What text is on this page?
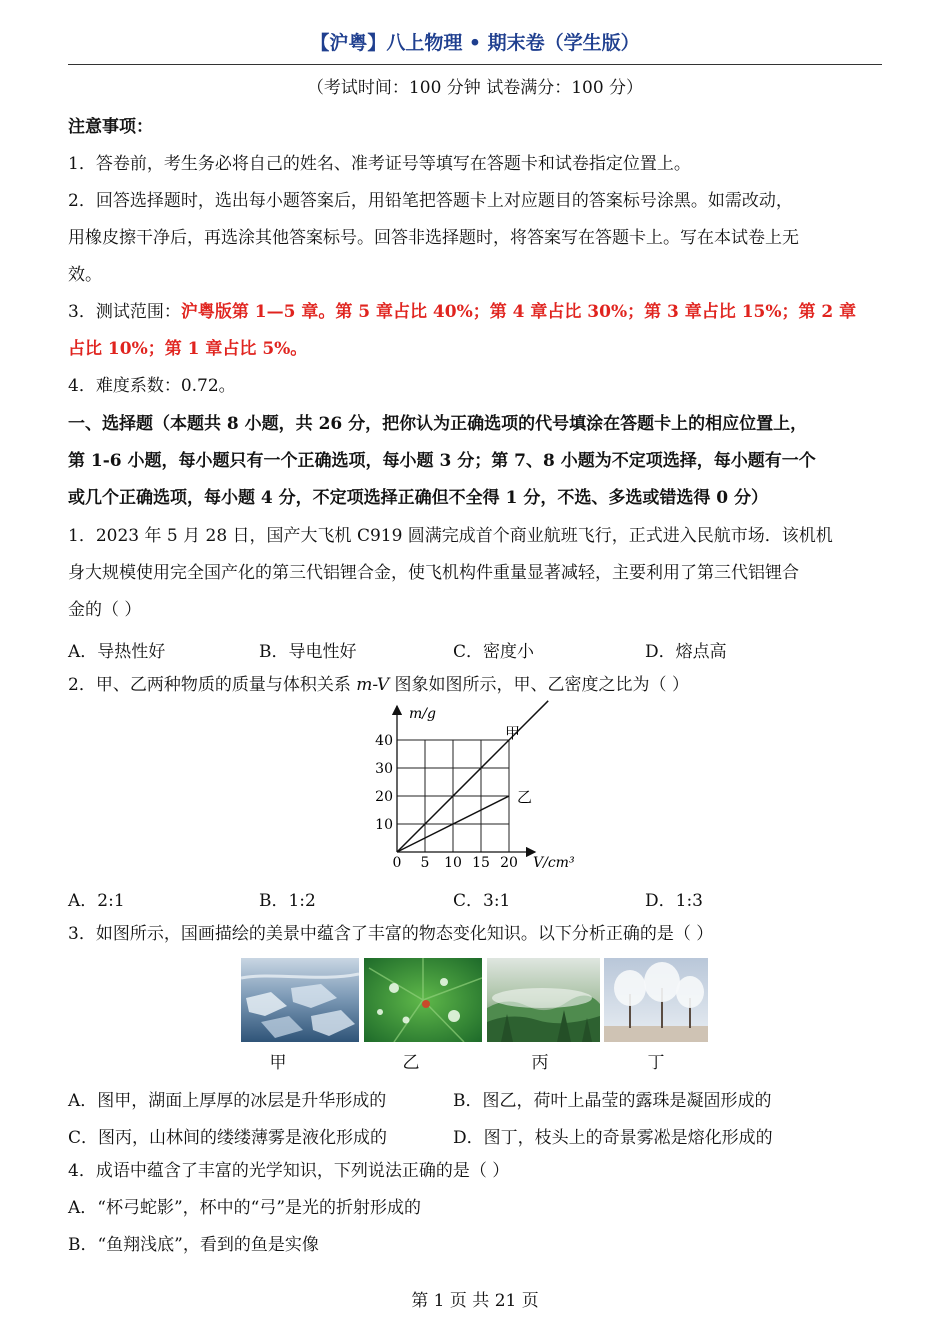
【沪粤】八上物理 • 期末卷（学生版）
（考试时间：100 分钟 试卷满分：100 分）
注意事项：
1．答卷前，考生务必将自己的姓名、准考证号等填写在答题卡和试卷指定位置上。
2．回答选择题时，选出每小题答案后，用铅笔把答题卡上对应题目的答案标号涂黑。如需改动，
用橡皮擦干净后，再选涂其他答案标号。回答非选择题时，将答案写在答题卡上。写在本试卷上无
效。
3．测试范围：沪粤版第 1—5 章。第 5 章占比 40%；第 4 章占比 30%；第 3 章占比 15%；第 2 章
占比 10%；第 1 章占比 5%。
4．难度系数：0.72。
一、选择题（本题共 8 小题，共 26 分，把你认为正确选项的代号填涂在答题卡上的相应位置上，
第 1-6 小题，每小题只有一个正确选项，每小题 3 分；第 7、8 小题为不定项选择，每小题有一个
或几个正确选项，每小题 4 分，不定项选择正确但不全得 1 分，不选、多选或错选得 0 分）
1．2023 年 5 月 28 日，国产大飞机 C919 圆满完成首个商业航班飞行，正式进入民航市场．该机机
身大规模使用完全国产化的第三代铝锂合金，使飞机构件重量显著减轻，主要利用了第三代铝锂合
金的（ ）
A．导热性好	B．导电性好	C．密度小	D．熔点高
2．甲、乙两种物质的质量与体积关系 m-V 图象如图所示，甲、乙密度之比为（ ）
甲
乙
0 5 10 15 20
10
20
30
40
m/g
V/cm³
A．2:1	B．1:2	C．3:1	D．1:3
3．如图所示，国画描绘的美景中蕴含了丰富的物态变化知识。以下分析正确的是（ ）
甲	乙	丙	丁
A．图甲，湖面上厚厚的冰层是升华形成的	B．图乙，荷叶上晶莹的露珠是凝固形成的
C．图丙，山林间的缕缕薄雾是液化形成的	D．图丁，枝头上的奇景雾凇是熔化形成的
4．成语中蕴含了丰富的光学知识，下列说法正确的是（ ）
A．“杯弓蛇影”，杯中的“弓”是光的折射形成的
B．“鱼翔浅底”，看到的鱼是实像
第 1 页 共 21 页
